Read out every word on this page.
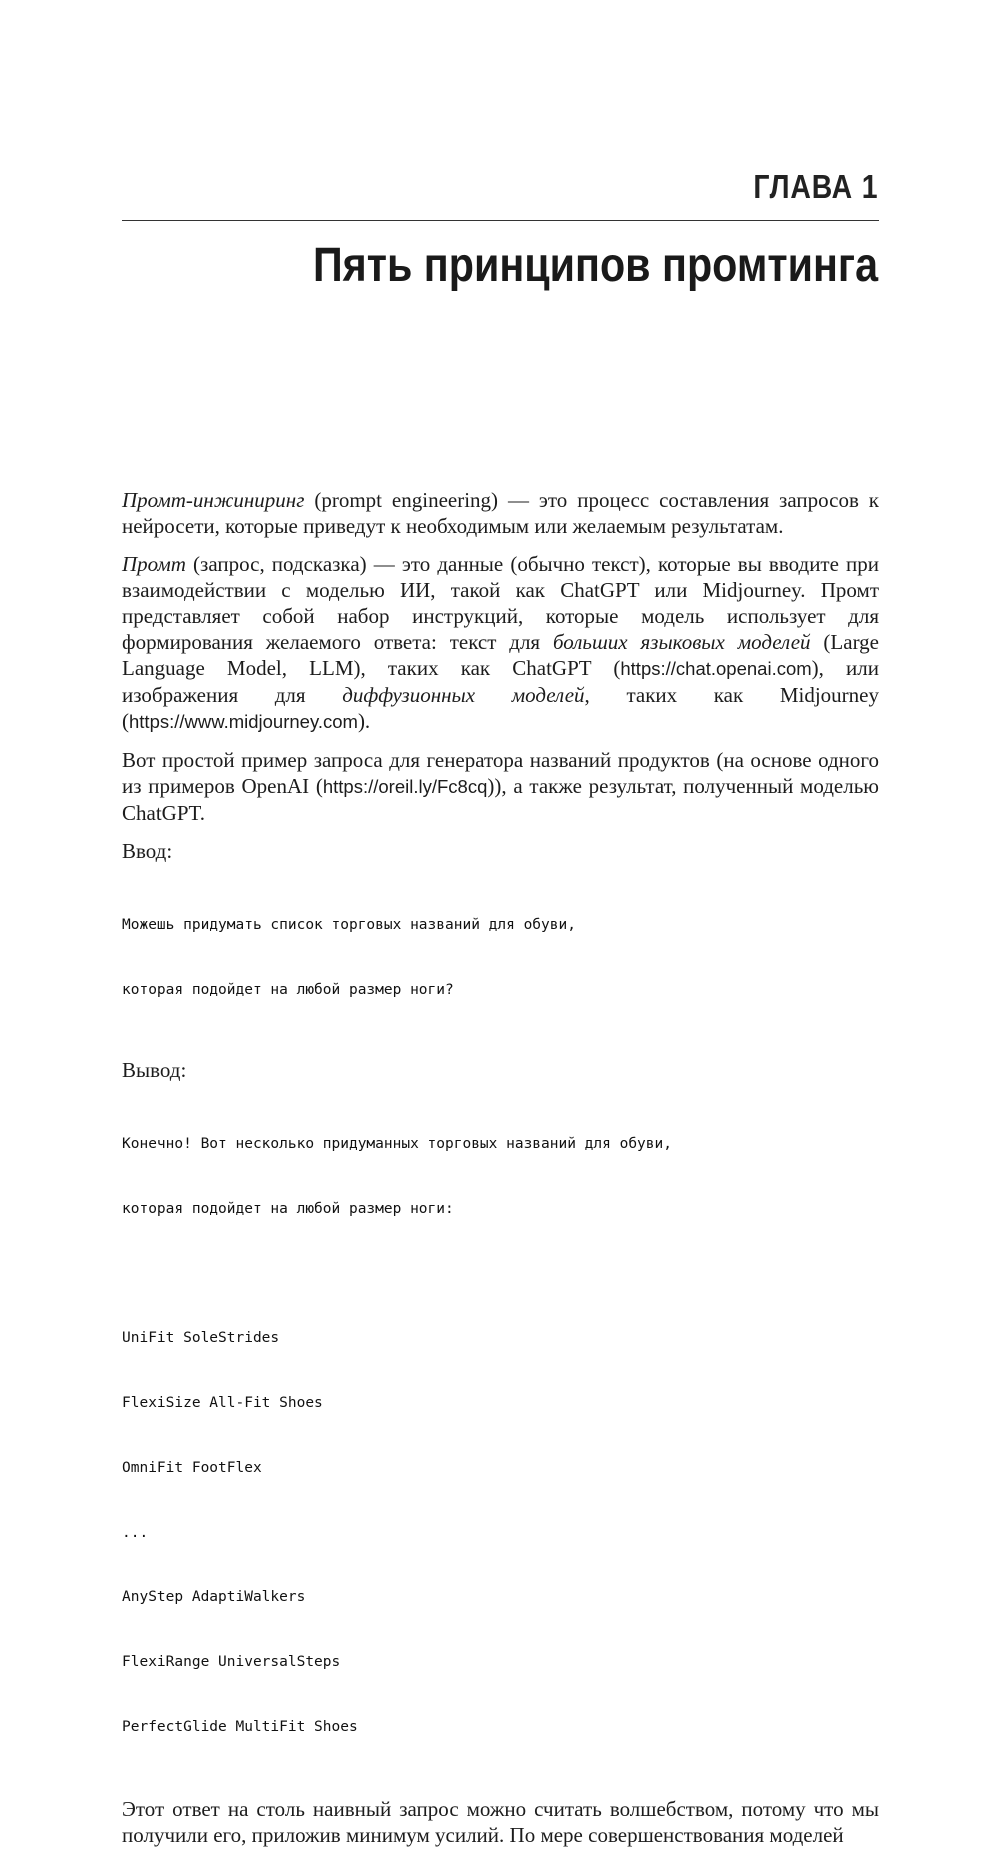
ГЛАВА 1
Пять принципов промтинга

Промт-инжиниринг (prompt engineering) — это процесс составления запросов к нейросети, которые приведут к необходимым или желаемым результатам.

Промт (запрос, подсказка) — это данные (обычно текст), которые вы вводите при взаимодействии с моделью ИИ, такой как ChatGPT или Midjourney. Промт представляет собой набор инструкций, которые модель использует для формирования желаемого ответа: текст для больших языковых моделей (Large Language Model, LLM), таких как ChatGPT (https://chat.openai.com), или изображения для диффузионных моделей, таких как Midjourney (https://www.midjourney.com).

Вот простой пример запроса для генератора названий продуктов (на основе одного из примеров OpenAI (https://oreil.ly/Fc8cq)), а также результат, полученный моделью ChatGPT.

Ввод:

Можешь придумать список торговых названий для обуви,

которая подойдет на любой размер ноги?

Вывод:

Конечно! Вот несколько придуманных торговых названий для обуви,

которая подойдет на любой размер ноги:

UniFit SoleStrides

FlexiSize All-Fit Shoes

OmniFit FootFlex

...

AnyStep AdaptiWalkers

FlexiRange UniversalSteps

PerfectGlide MultiFit Shoes

Этот ответ на столь наивный запрос можно считать волшебством, потому что мы получили его, приложив минимум усилий. По мере совершенствования моделей
